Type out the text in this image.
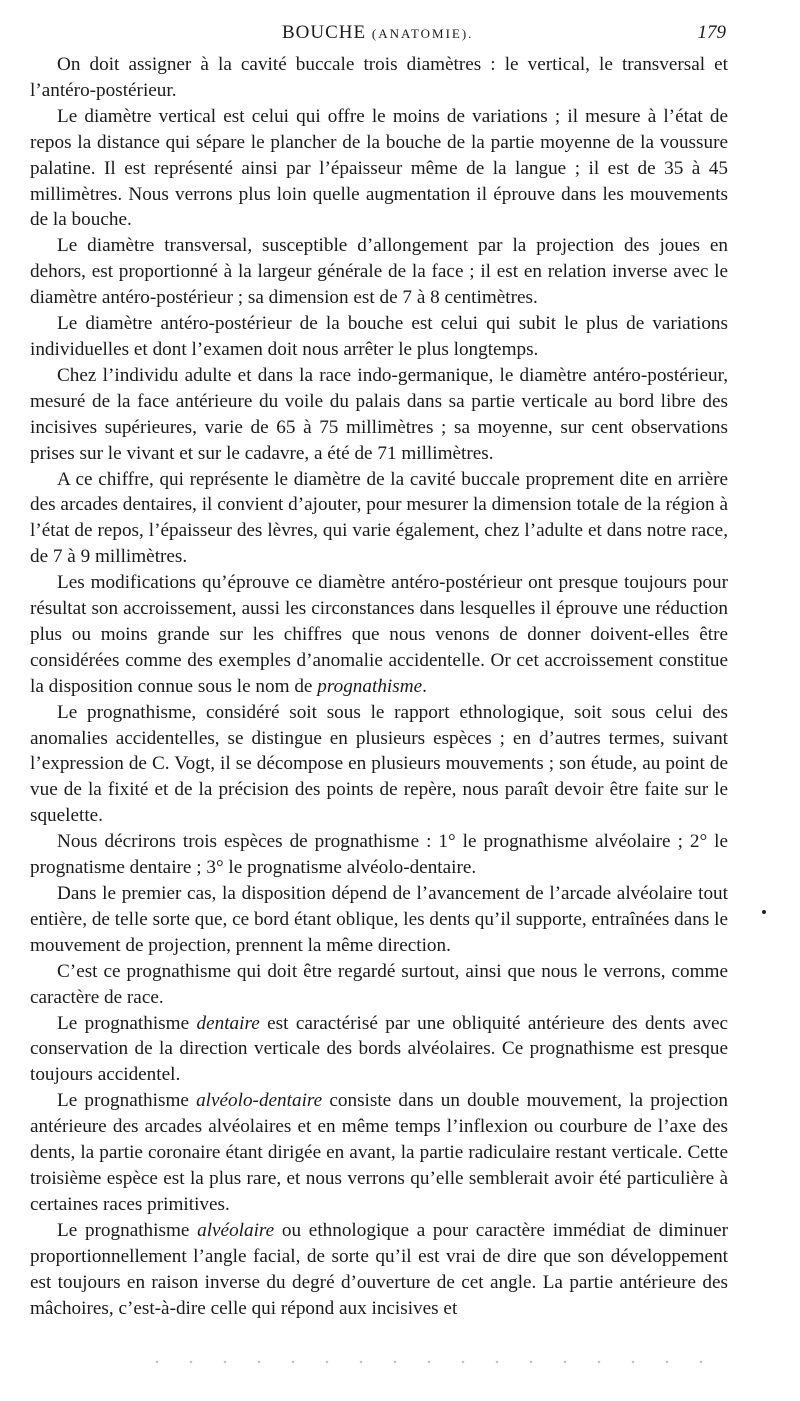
BOUCHE (ANATOMIE).	179

On doit assigner à la cavité buccale trois diamètres : le vertical, le transversal et l’antéro-postérieur.

Le diamètre vertical est celui qui offre le moins de variations ; il mesure à l’état de repos la distance qui sépare le plancher de la bouche de la partie moyenne de la voussure palatine. Il est représenté ainsi par l’épaisseur même de la langue ; il est de 35 à 45 millimètres. Nous verrons plus loin quelle augmentation il éprouve dans les mouvements de la bouche.

Le diamètre transversal, susceptible d’allongement par la projection des joues en dehors, est proportionné à la largeur générale de la face ; il est en relation inverse avec le diamètre antéro-postérieur ; sa dimension est de 7 à 8 centimètres.

Le diamètre antéro-postérieur de la bouche est celui qui subit le plus de variations individuelles et dont l’examen doit nous arrêter le plus longtemps.

Chez l’individu adulte et dans la race indo-germanique, le diamètre antéro-postérieur, mesuré de la face antérieure du voile du palais dans sa partie verticale au bord libre des incisives supérieures, varie de 65 à 75 millimètres ; sa moyenne, sur cent observations prises sur le vivant et sur le cadavre, a été de 71 millimètres.

A ce chiffre, qui représente le diamètre de la cavité buccale proprement dite en arrière des arcades dentaires, il convient d’ajouter, pour mesurer la dimension totale de la région à l’état de repos, l’épaisseur des lèvres, qui varie également, chez l’adulte et dans notre race, de 7 à 9 millimètres.

Les modifications qu’éprouve ce diamètre antéro-postérieur ont presque toujours pour résultat son accroissement, aussi les circonstances dans lesquelles il éprouve une réduction plus ou moins grande sur les chiffres que nous venons de donner doivent-elles être considérées comme des exemples d’anomalie accidentelle. Or cet accroissement constitue la disposition connue sous le nom de prognathisme.

Le prognathisme, considéré soit sous le rapport ethnologique, soit sous celui des anomalies accidentelles, se distingue en plusieurs espèces ; en d’autres termes, suivant l’expression de C. Vogt, il se décompose en plusieurs mouvements ; son étude, au point de vue de la fixité et de la précision des points de repère, nous paraît devoir être faite sur le squelette.

Nous décrirons trois espèces de prognathisme : 1° le prognathisme alvéolaire ; 2° le prognatisme dentaire ; 3° le prognatisme alvéolo-dentaire.

Dans le premier cas, la disposition dépend de l’avancement de l’arcade alvéolaire tout entière, de telle sorte que, ce bord étant oblique, les dents qu’il supporte, entraînées dans le mouvement de projection, prennent la même direction.

C’est ce prognathisme qui doit être regardé surtout, ainsi que nous le verrons, comme caractère de race.

Le prognathisme dentaire est caractérisé par une obliquité antérieure des dents avec conservation de la direction verticale des bords alvéolaires. Ce prognathisme est presque toujours accidentel.

Le prognathisme alvéolo-dentaire consiste dans un double mouvement, la projection antérieure des arcades alvéolaires et en même temps l’inflexion ou courbure de l’axe des dents, la partie coronaire étant dirigée en avant, la partie radiculaire restant verticale. Cette troisième espèce est la plus rare, et nous verrons qu’elle semblerait avoir été particulière à certaines races primitives.

Le prognathisme alvéolaire ou ethnologique a pour caractère immédiat de diminuer proportionnellement l’angle facial, de sorte qu’il est vrai de dire que son développement est toujours en raison inverse du degré d’ouverture de cet angle. La partie antérieure des mâchoires, c’est-à-dire celle qui répond aux incisives et
